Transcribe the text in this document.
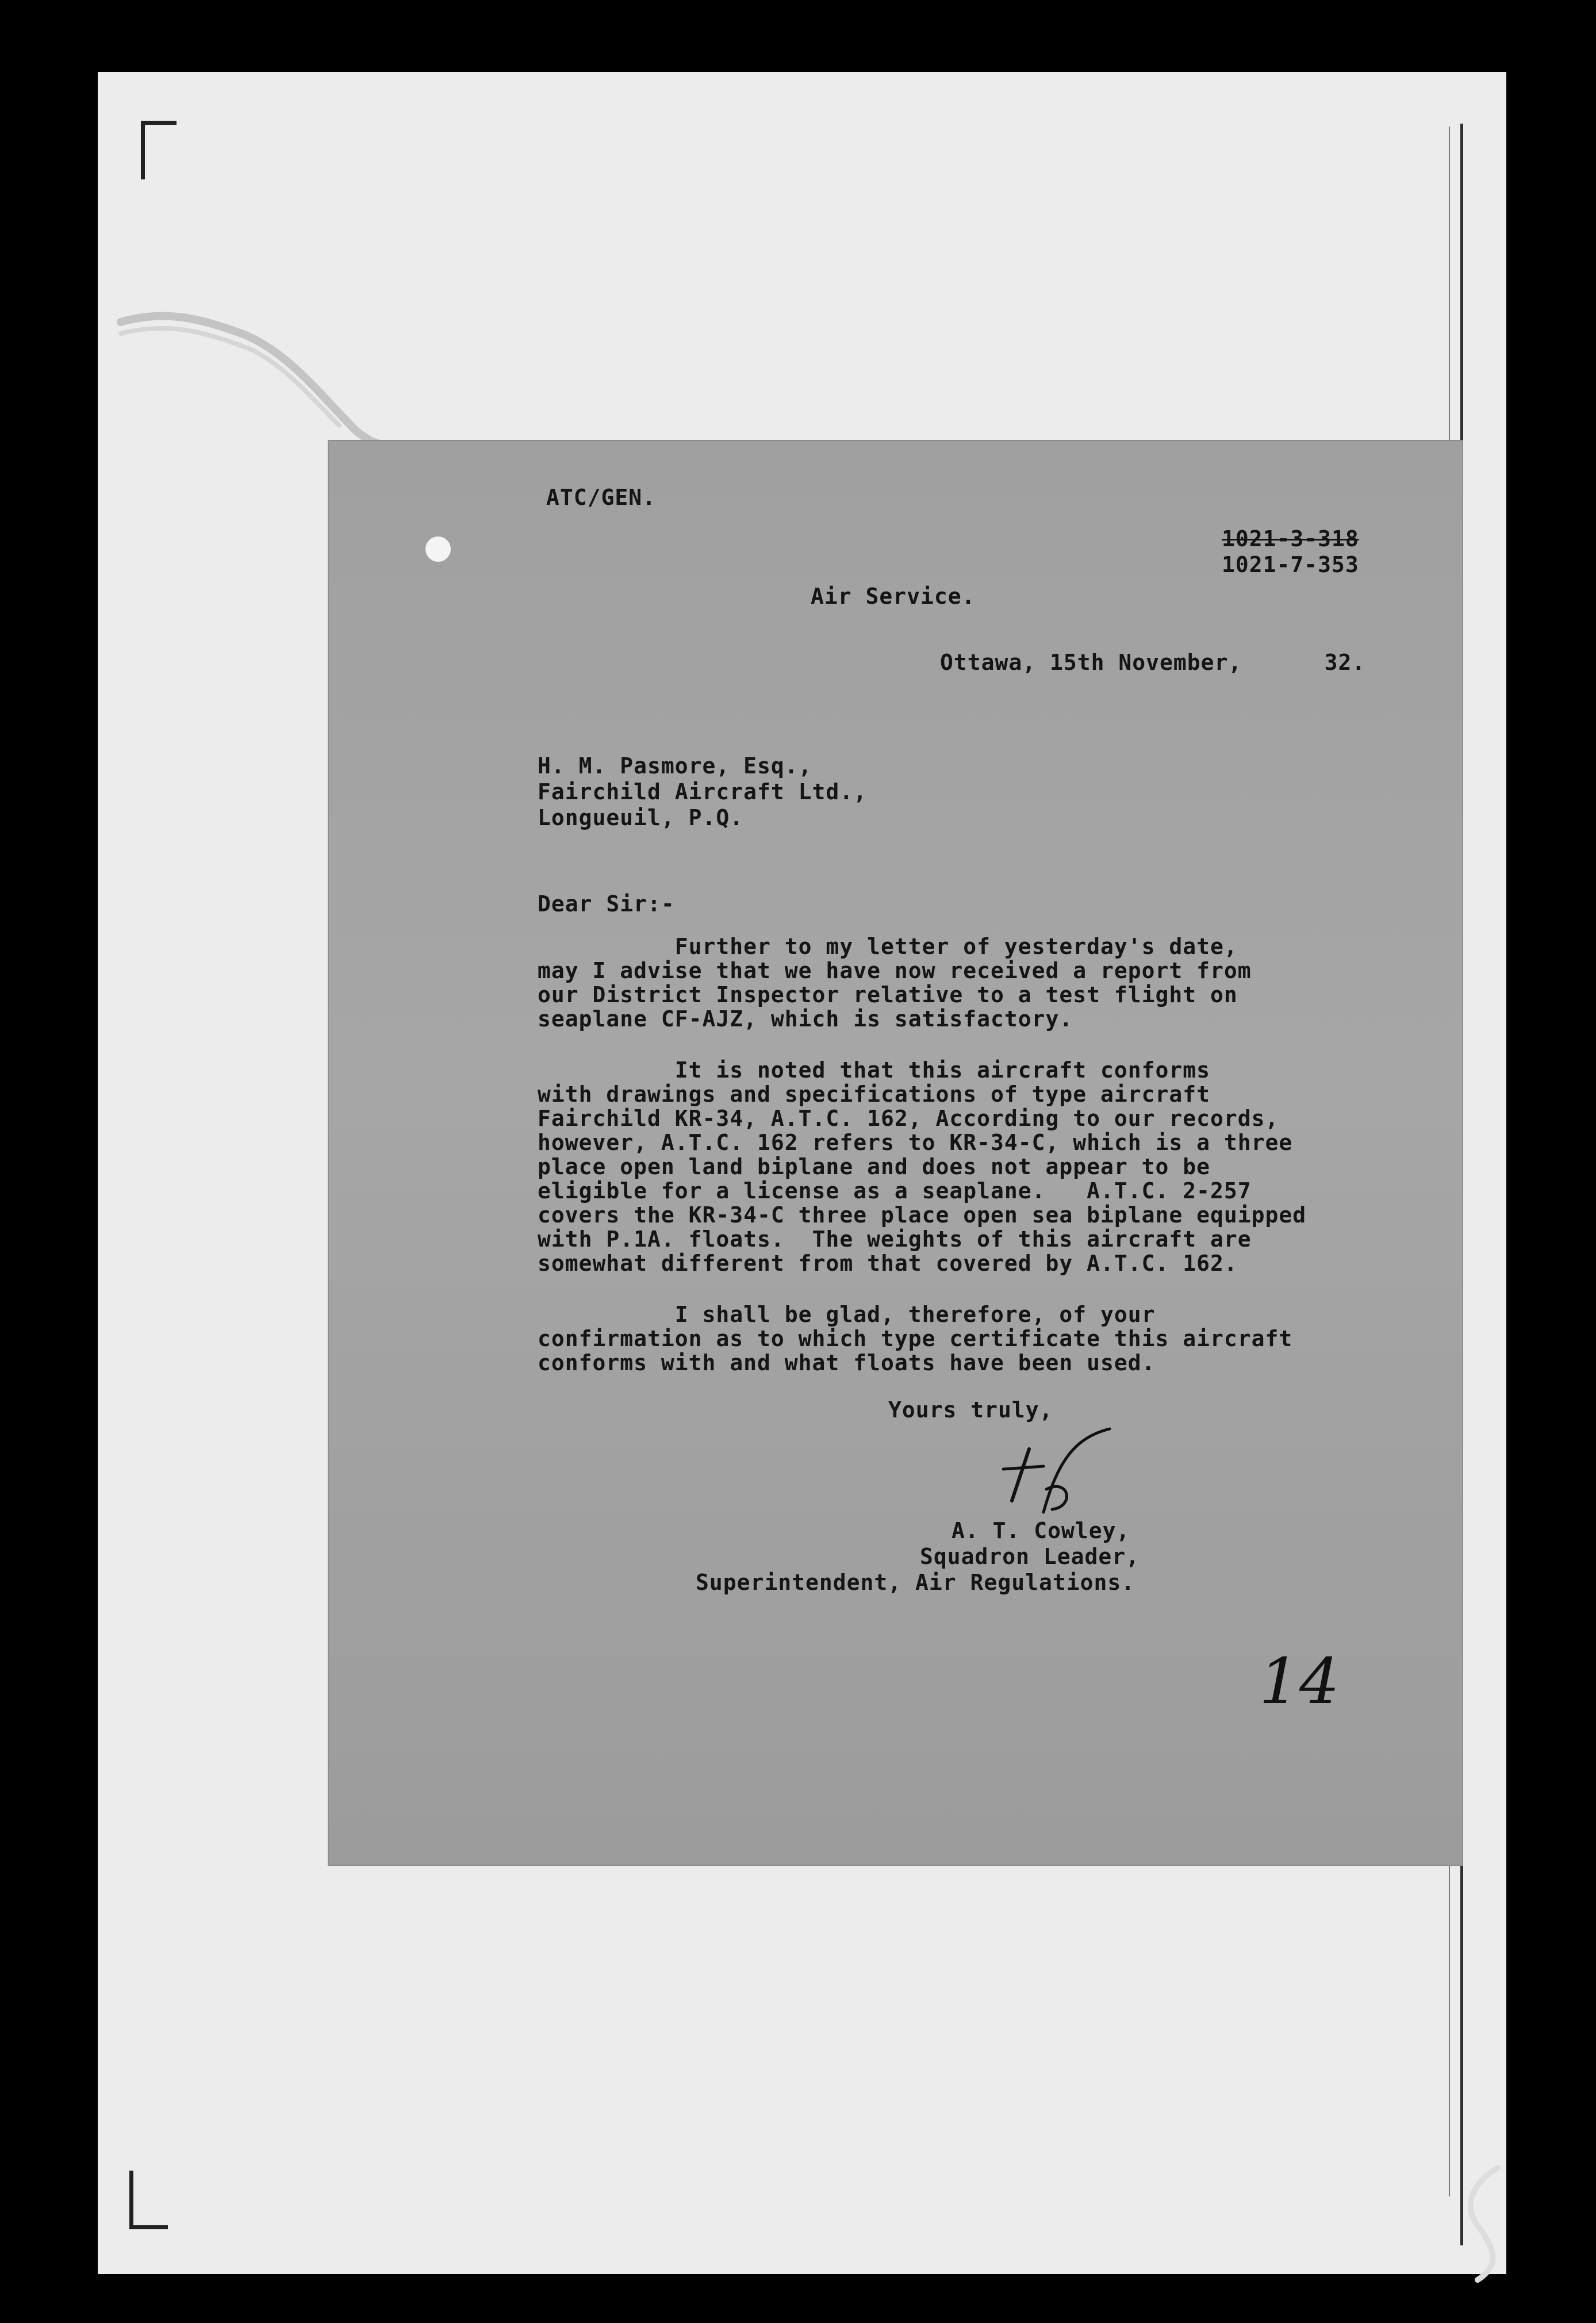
ATC/GEN.
1021-3-318
1021-7-353
Air Service.
Ottawa, 15th November,      32.
H. M. Pasmore, Esq.,
Fairchild Aircraft Ltd.,
Longueuil, P.Q.
Dear Sir:-
Further to my letter of yesterday's date,
may I advise that we have now received a report from
our District Inspector relative to a test flight on
seaplane CF-AJZ, which is satisfactory.
It is noted that this aircraft conforms
with drawings and specifications of type aircraft
Fairchild KR-34, A.T.C. 162, According to our records,
however, A.T.C. 162 refers to KR-34-C, which is a three
place open land biplane and does not appear to be
eligible for a license as a seaplane.   A.T.C. 2-257
covers the KR-34-C three place open sea biplane equipped
with P.1A. floats.  The weights of this aircraft are
somewhat different from that covered by A.T.C. 162.
I shall be glad, therefore, of your
confirmation as to which type certificate this aircraft
conforms with and what floats have been used.
Yours truly,
A. T. Cowley,
Squadron Leader,
Superintendent, Air Regulations.
14
